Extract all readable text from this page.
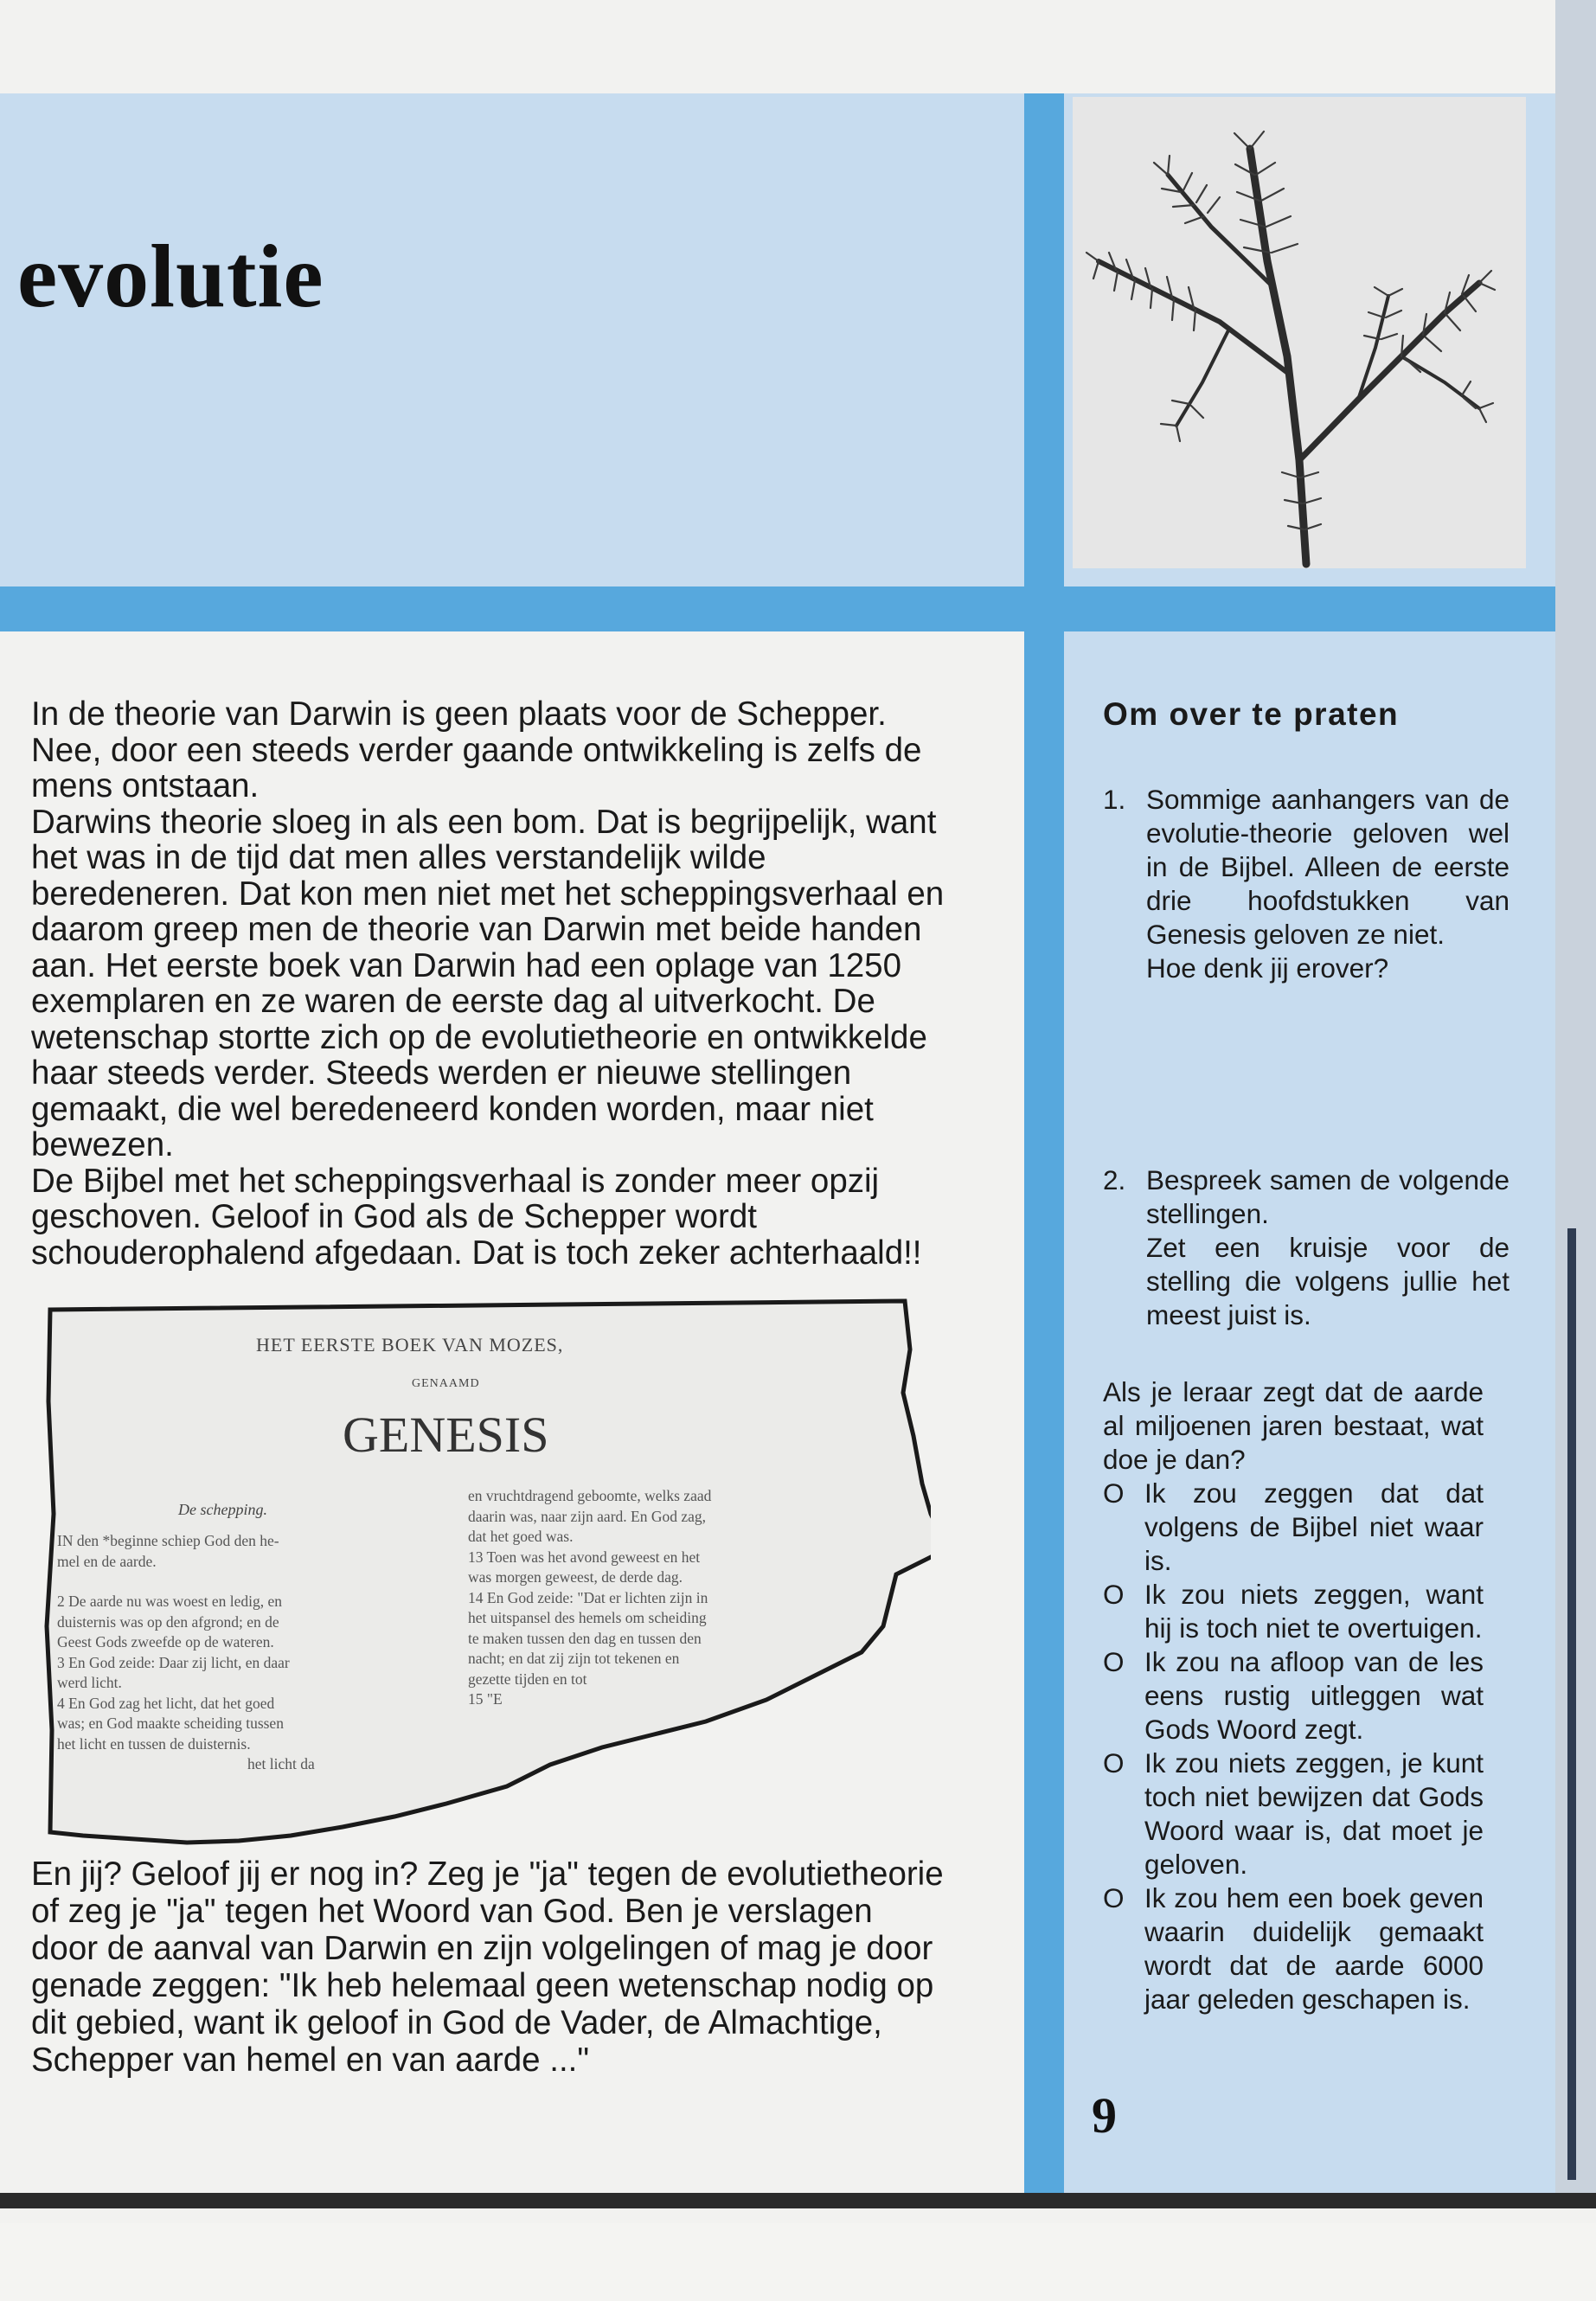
evolutie

In de theorie van Darwin is geen plaats voor de Schepper. Nee, door een steeds verder gaande ontwikkeling is zelfs de mens ontstaan.

Darwins theorie sloeg in als een bom. Dat is begrijpelijk, want het was in de tijd dat men alles verstandelijk wilde beredeneren. Dat kon men niet met het scheppingsverhaal en daarom greep men de theorie van Darwin met beide handen aan. Het eerste boek van Darwin had een oplage van 1250 exemplaren en ze waren de eerste dag al uitverkocht. De wetenschap stortte zich op de evolutietheorie en ontwikkelde haar steeds verder. Steeds werden er nieuwe stellingen gemaakt, die wel beredeneerd konden worden, maar niet bewezen.

De Bijbel met het scheppingsverhaal is zonder meer opzij geschoven. Geloof in God als de Schepper wordt schouderophalend afgedaan. Dat is toch zeker achterhaald!!

HET EERSTE BOEK VAN MOZES,
GENAAMD
GENESIS
De schepping.
IN den *beginne schiep God den he-
mel en de aarde.
2 De aarde nu was woest en ledig, en
duisternis was op den afgrond; en de
Geest Gods zweefde op de wateren.
3 En God zeide: Daar zij licht, en daar
werd licht.
4 En God zag het licht, dat het goed
was; en God maakte scheiding tussen
het licht en tussen de duisternis.
het licht da
en vruchtdragend geboomte, welks zaad
daarin was, naar zijn aard. En God zag,
dat het goed was.
13 Toen was het avond geweest en het
was morgen geweest, de derde dag.
14 En God zeide: "Dat er lichten zijn in
het uitspansel des hemels om scheiding
te maken tussen den dag en tussen den
nacht; en dat zij zijn tot tekenen en
gezette tijden en tot
15 "E
En jij? Geloof jij er nog in? Zeg je "ja" tegen de evolutietheorie of zeg je "ja" tegen het Woord van God. Ben je verslagen door de aanval van Darwin en zijn volgelingen of mag je door genade zeggen: "Ik heb helemaal geen wetenschap nodig op dit gebied, want ik geloof in God de Vader, de Almachtige, Schepper van hemel en van aarde ..."
Om over te praten
1. Sommige aanhangers van de evolutie-theorie geloven wel in de Bijbel. Alleen de eerste drie hoofdstukken van Genesis geloven ze niet.
Hoe denk jij erover?
2. Bespreek samen de volgende stellingen.
Zet een kruisje voor de stelling die volgens jullie het meest juist is.
Als je leraar zegt dat de aarde al miljoenen jaren bestaat, wat doe je dan?
O Ik zou zeggen dat dat volgens de Bijbel niet waar is.
O Ik zou niets zeggen, want hij is toch niet te overtuigen.
O Ik zou na afloop van de les eens rustig uitleggen wat Gods Woord zegt.
O Ik zou niets zeggen, je kunt toch niet bewijzen dat Gods Woord waar is, dat moet je geloven.
O Ik zou hem een boek geven waarin duidelijk gemaakt wordt dat de aarde 6000 jaar geleden geschapen is.
9
